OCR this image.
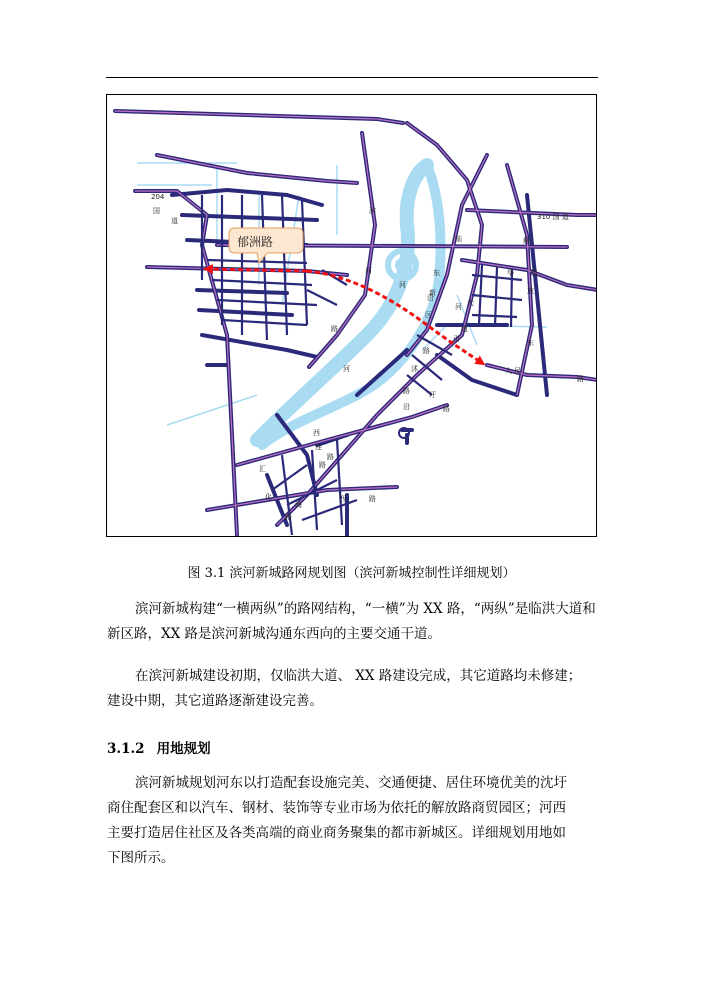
郁洲路
204
310 国 道
国
道
滨
河
路
东
新
区
路
临	解
放
东
路
华
河
沿
河
引
沭
河
路
大
道
沿
圩
路
人 民
路
汇
化
路
海
西	路
连
路
西
路
图 3.1 滨河新城路网规划图（滨河新城控制性详细规划）

滨河新城构建“一横两纵”的路网结构，“一横”为 XX 路，“两纵”是临洪大道和
新区路，XX 路是滨河新城沟通东西向的主要交通干道。

在滨河新城建设初期，仅临洪大道、 XX 路建设完成，其它道路均未修建；
建设中期，其它道路逐渐建设完善。

3.1.2 用地规划

滨河新城规划河东以打造配套设施完美、交通便捷、居住环境优美的沈圩
商住配套区和以汽车、钢材、装饰等专业市场为依托的解放路商贸园区；河西
主要打造居住社区及各类高端的商业商务聚集的都市新城区。详细规划用地如
下图所示。
